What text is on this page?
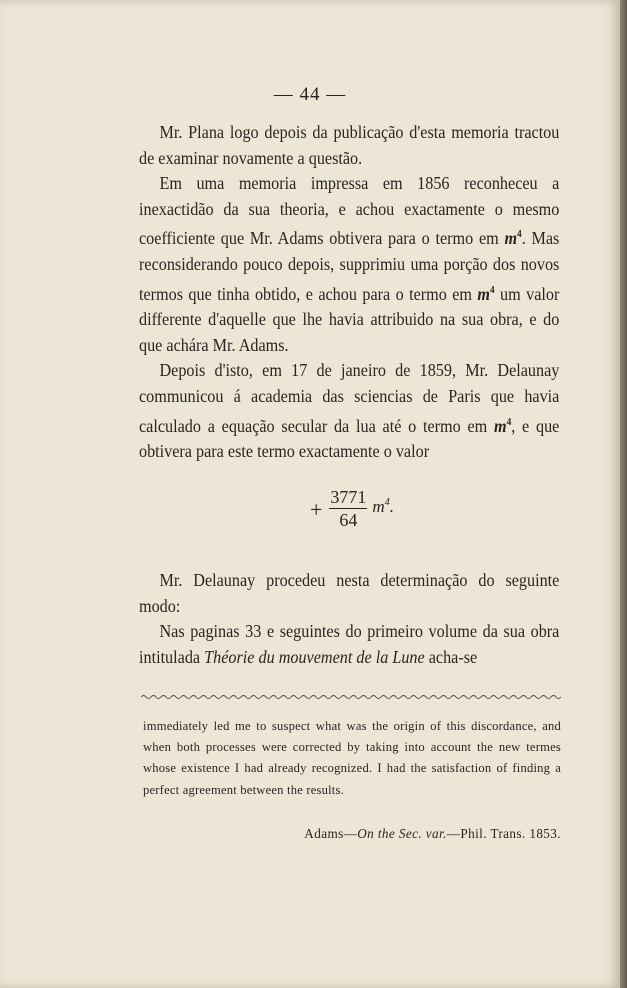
— 44 —

Mr. Plana logo depois da publicação d'esta memoria tractou de examinar novamente a questão.

Em uma memoria impressa em 1856 reconheceu a inexactidão da sua theoria, e achou exactamente o mesmo coefficiente que Mr. Adams obtivera para o termo em $m^4$. Mas reconsiderando pouco depois, supprimiu uma porção dos novos termos que tinha obtido, e achou para o termo em $m^4$ um valor differente d'aquelle que lhe havia attribuido na sua obra, e do que achára Mr. Adams.

Depois d'isto, em 17 de janeiro de 1859, Mr. Delaunay communicou á academia das sciencias de Paris que havia calculado a equação secular da lua até o termo em $m^4$, e que obtivera para este termo exactamente o valor

+ $\frac{3771}{64} m^4$.

Mr. Delaunay procedeu nesta determinação do seguinte modo:

Nas paginas 33 e seguintes do primeiro volume da sua obra intitulada Théorie du mouvement de la Lune acha-se

immediately led me to suspect what was the origin of this discordance, and when both processes were corrected by taking into account the new termes whose existence I had already recognized. I had the satisfaction of finding a perfect agreement between the results.

Adams—On the Sec. var.—Phil. Trans. 1853.
